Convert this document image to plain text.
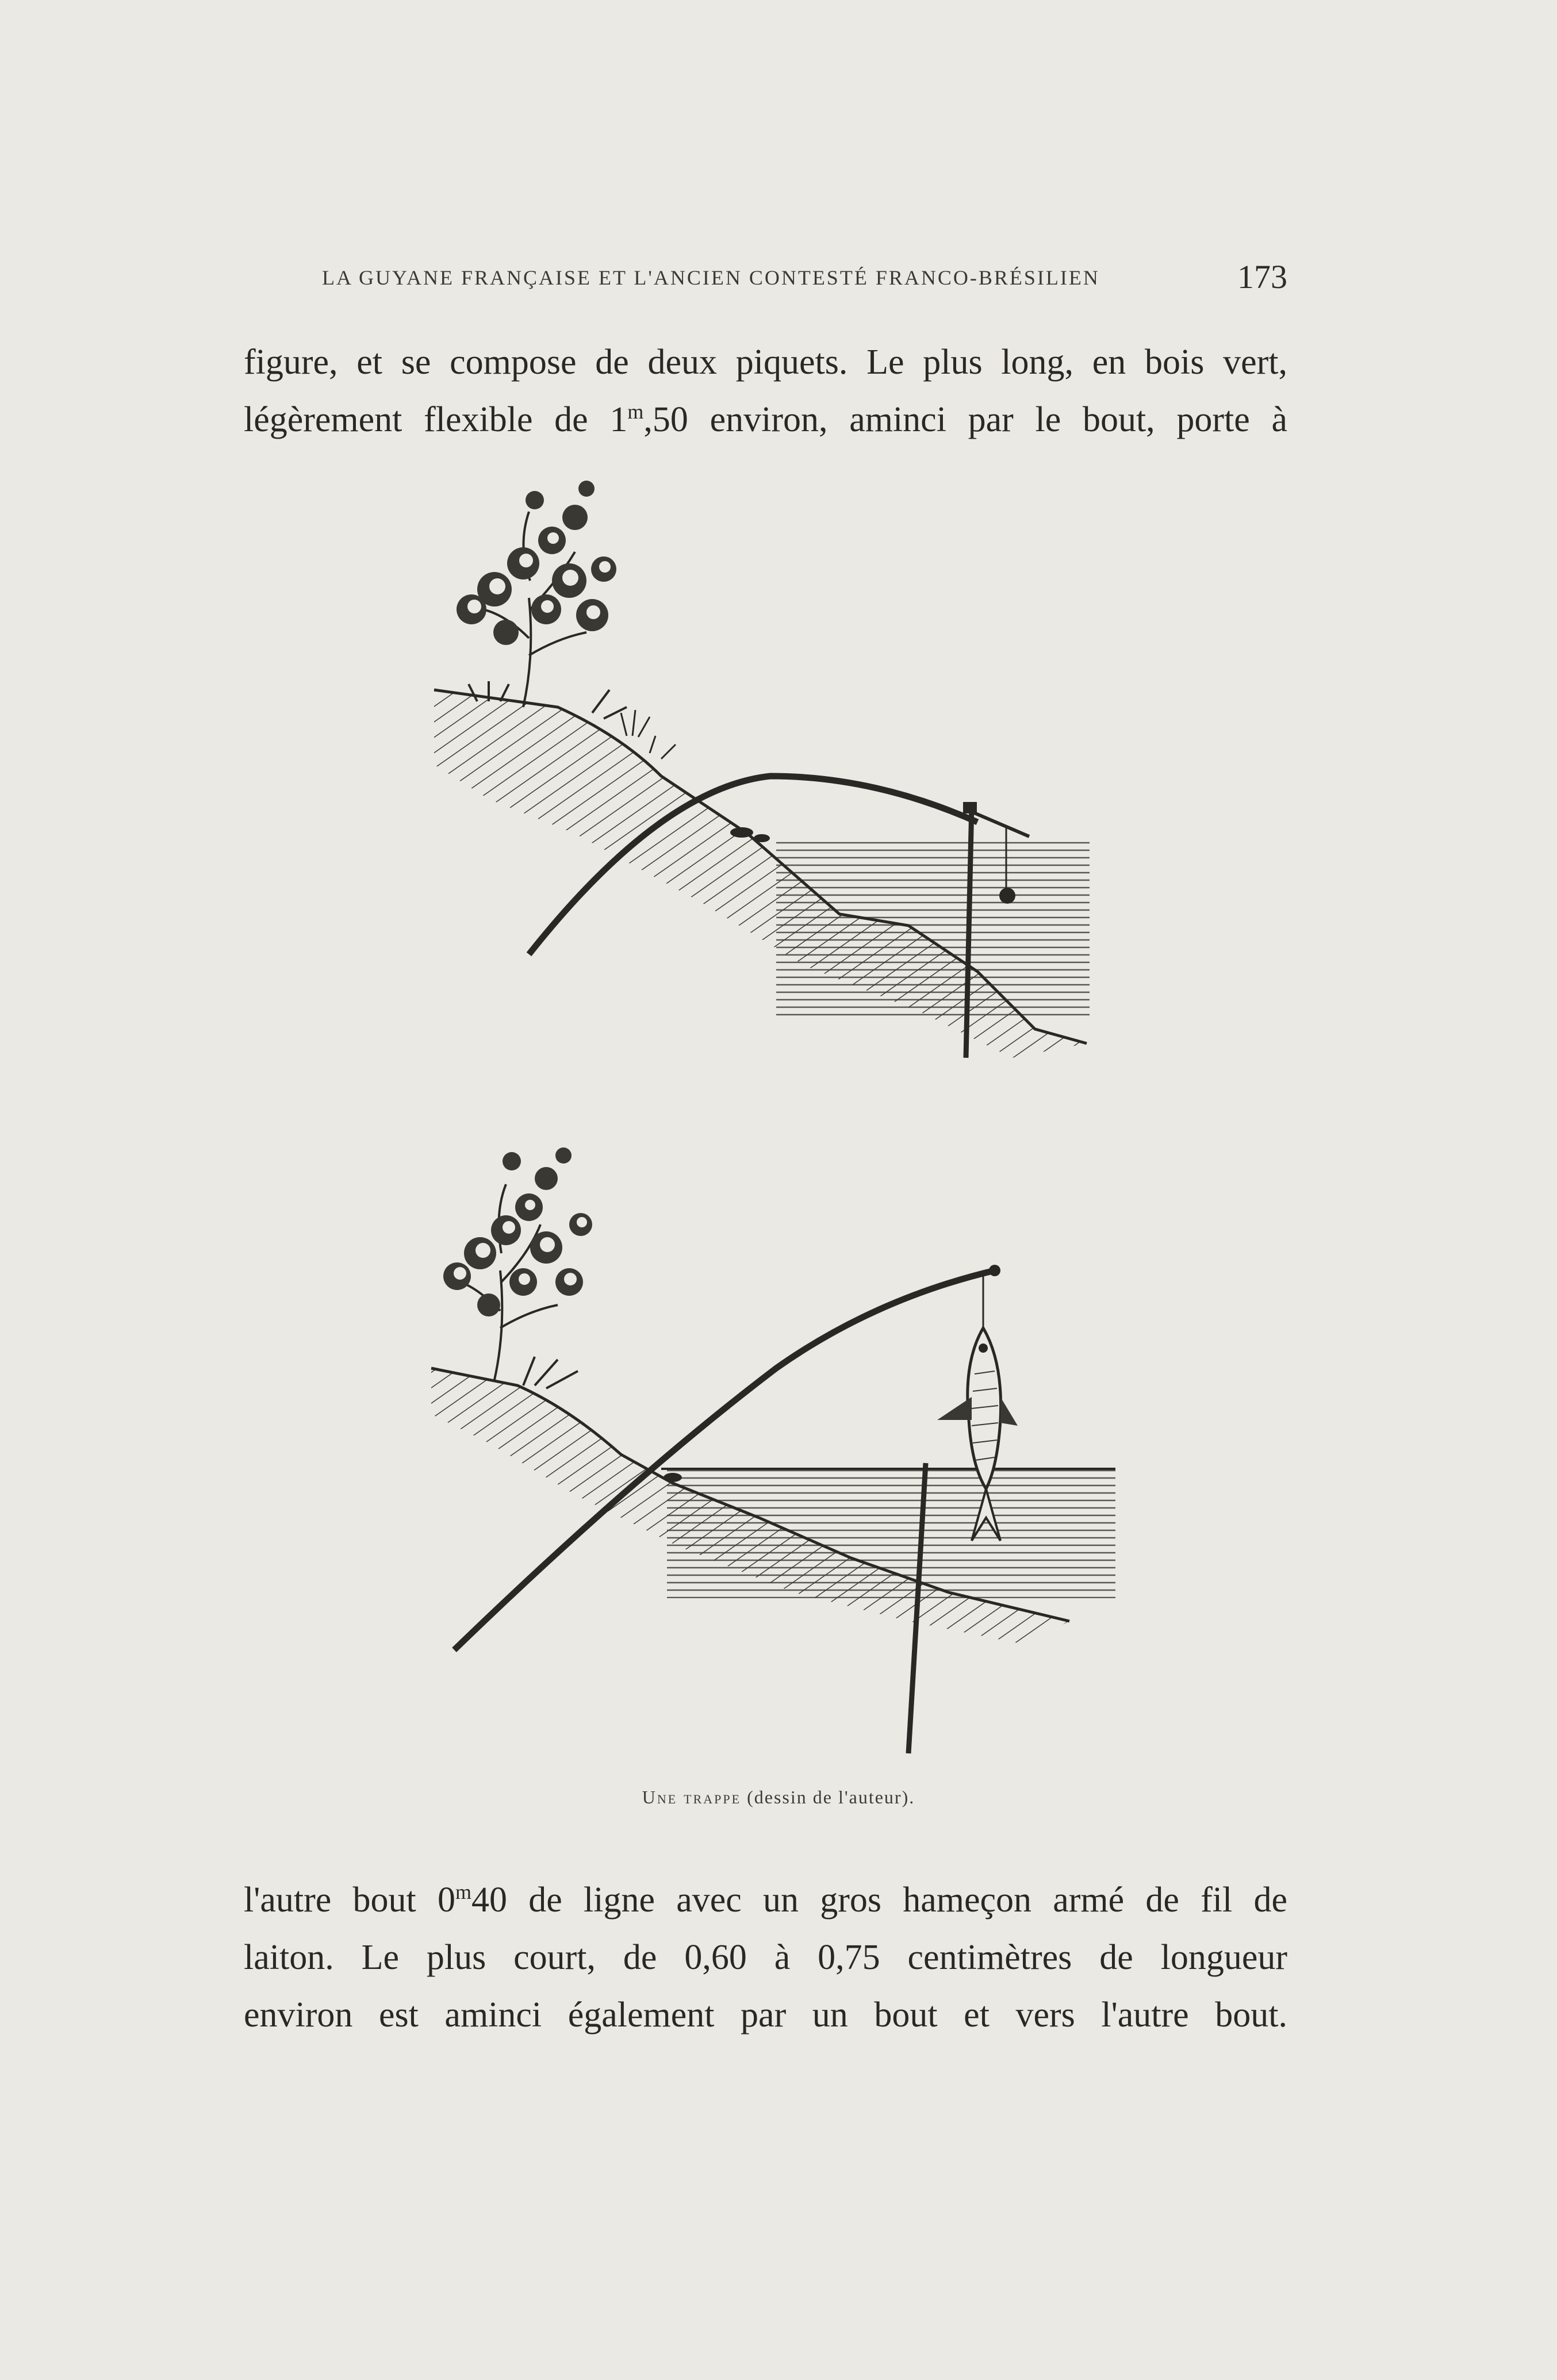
LA GUYANE FRANÇAISE ET L'ANCIEN CONTESTÉ FRANCO-BRÉSILIEN	173
figure, et se compose de deux piquets. Le plus long, en bois vert,
légèrement flexible de 1$^m$,50 environ, aminci par le bout, porte à
Une trappe (dessin de l'auteur).
l'autre bout 0$^m$40 de ligne avec un gros hameçon armé de fil de
laiton. Le plus court, de 0,60 à 0,75 centimètres de longueur
environ est aminci également par un bout et vers l'autre bout.
